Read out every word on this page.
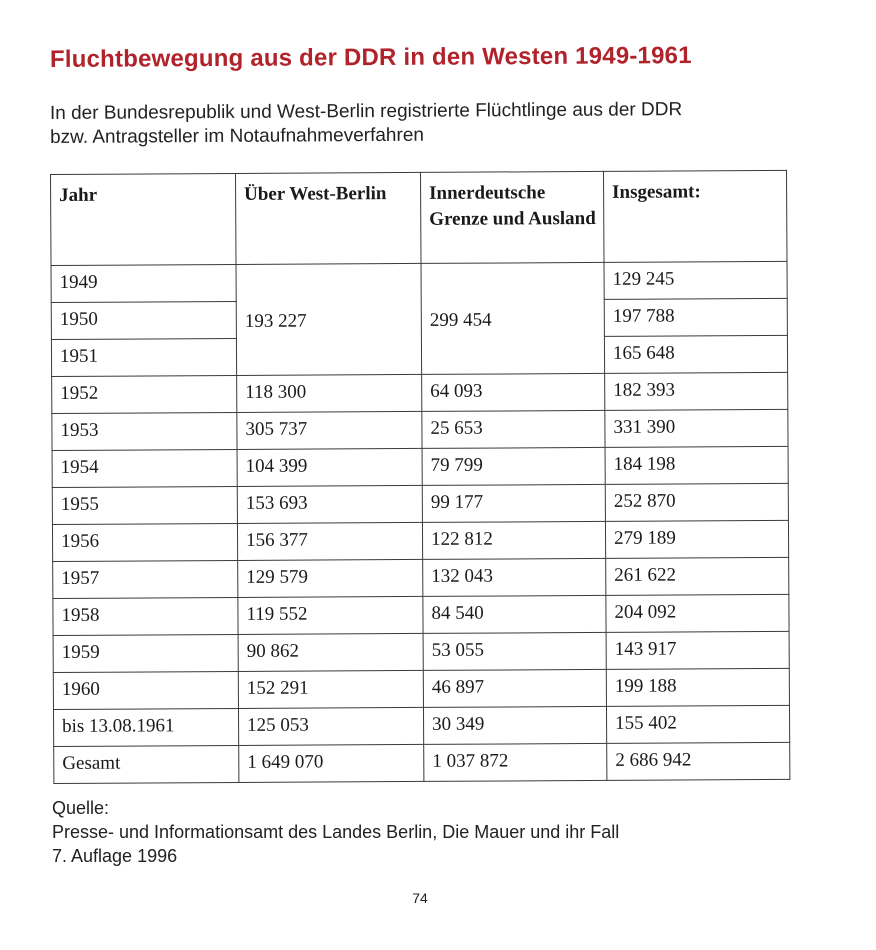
Fluchtbewegung aus der DDR in den Westen 1949-1961
In der Bundesrepublik und West-Berlin registrierte Flüchtlinge aus der DDR
bzw. Antragsteller im Notaufnahmeverfahren
Jahr	Über West-Berlin	Innerdeutsche Grenze und Ausland	Insgesamt:
1949	193 227	299 454	129 245
1950			197 788
1951			165 648
1952	118 300	64 093	182 393
1953	305 737	25 653	331 390
1954	104 399	79 799	184 198
1955	153 693	99 177	252 870
1956	156 377	122 812	279 189
1957	129 579	132 043	261 622
1958	119 552	84 540	204 092
1959	90 862	53 055	143 917
1960	152 291	46 897	199 188
bis 13.08.1961	125 053	30 349	155 402
Gesamt	1 649 070	1 037 872	2 686 942
Quelle:
Presse- und Informationsamt des Landes Berlin, Die Mauer und ihr Fall
7. Auflage 1996
74
